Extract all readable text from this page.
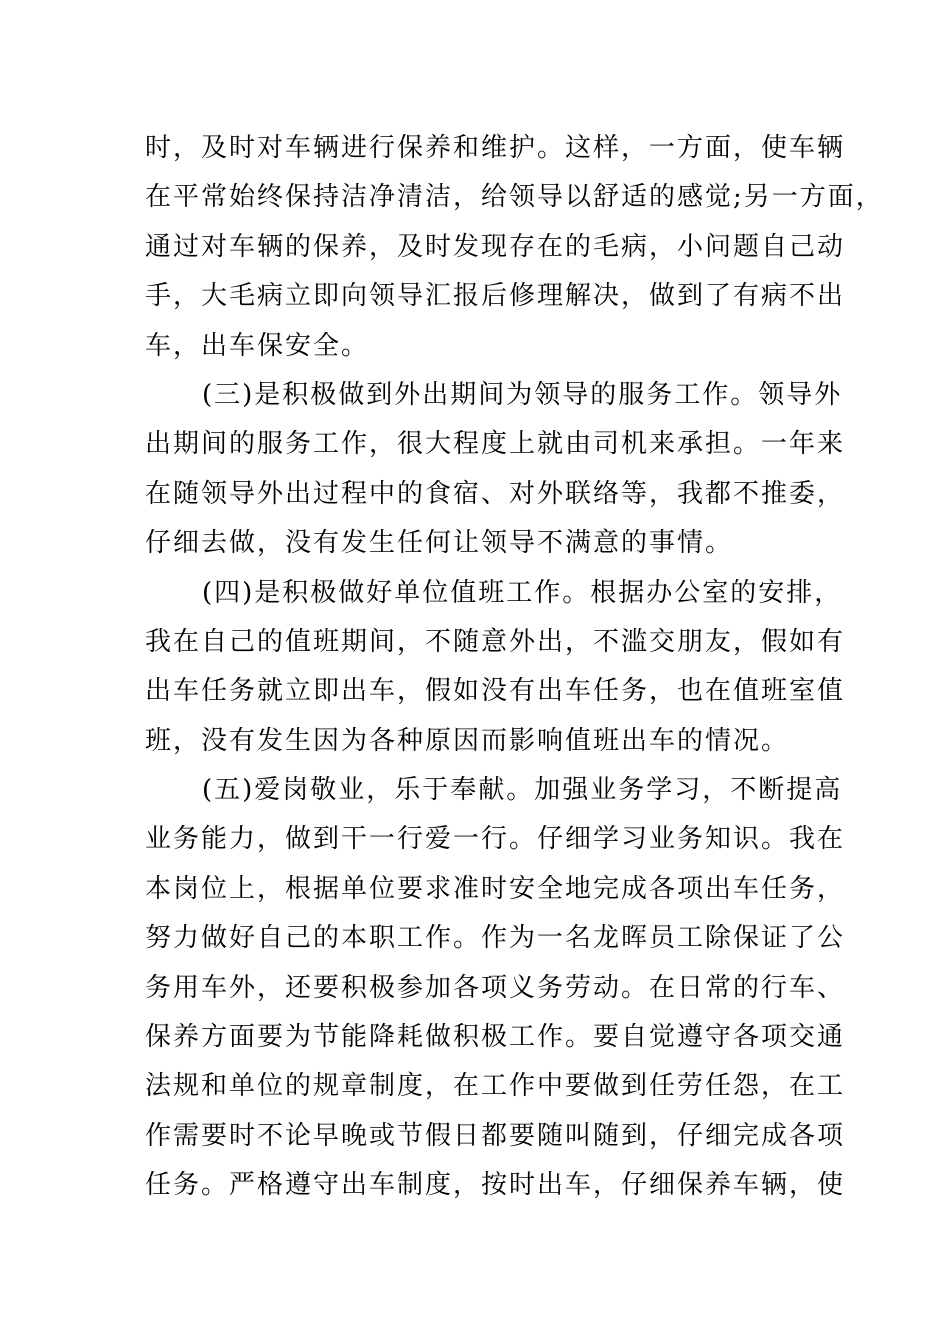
时，及时对车辆进行保养和维护。这样，一方面，使车辆
在平常始终保持洁净清洁，给领导以舒适的感觉;另一方面，
通过对车辆的保养，及时发现存在的毛病，小问题自己动
手，大毛病立即向领导汇报后修理解决，做到了有病不出
车，出车保安全。
(三)是积极做到外出期间为领导的服务工作。领导外
出期间的服务工作，很大程度上就由司机来承担。一年来
在随领导外出过程中的食宿、对外联络等，我都不推委，
仔细去做，没有发生任何让领导不满意的事情。
(四)是积极做好单位值班工作。根据办公室的安排，
我在自己的值班期间，不随意外出，不滥交朋友，假如有
出车任务就立即出车，假如没有出车任务，也在值班室值
班，没有发生因为各种原因而影响值班出车的情况。
(五)爱岗敬业，乐于奉献。加强业务学习，不断提高
业务能力，做到干一行爱一行。仔细学习业务知识。我在
本岗位上，根据单位要求准时安全地完成各项出车任务，
努力做好自己的本职工作。作为一名龙晖员工除保证了公
务用车外，还要积极参加各项义务劳动。在日常的行车、
保养方面要为节能降耗做积极工作。要自觉遵守各项交通
法规和单位的规章制度，在工作中要做到任劳任怨，在工
作需要时不论早晚或节假日都要随叫随到，仔细完成各项
任务。严格遵守出车制度，按时出车，仔细保养车辆，使
